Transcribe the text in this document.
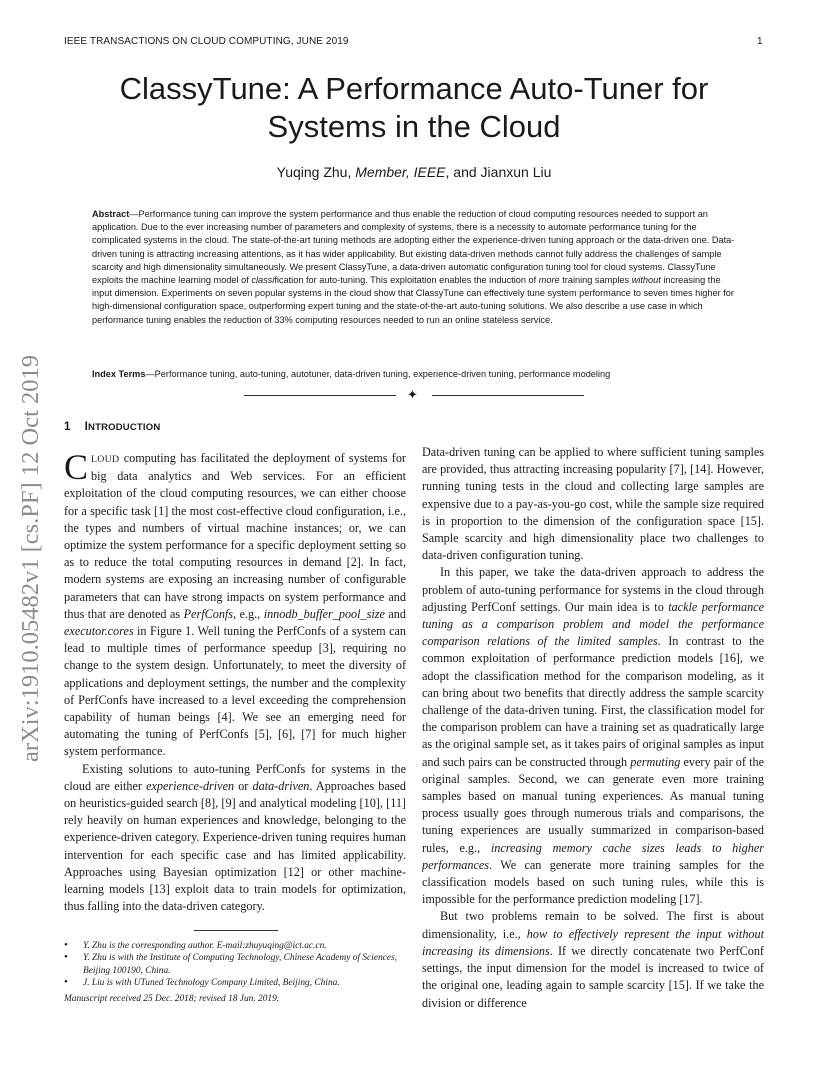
IEEE TRANSACTIONS ON CLOUD COMPUTING, JUNE 2019	1
arXiv:1910.05482v1 [cs.PF] 12 Oct 2019
ClassyTune: A Performance Auto-Tuner for Systems in the Cloud
Yuqing Zhu, Member, IEEE, and Jianxun Liu
Abstract—Performance tuning can improve the system performance and thus enable the reduction of cloud computing resources needed to support an application. Due to the ever increasing number of parameters and complexity of systems, there is a necessity to automate performance tuning for the complicated systems in the cloud. The state-of-the-art tuning methods are adopting either the experience-driven tuning approach or the data-driven one. Data-driven tuning is attracting increasing attentions, as it has wider applicability. But existing data-driven methods cannot fully address the challenges of sample scarcity and high dimensionality simultaneously. We present ClassyTune, a data-driven automatic configuration tuning tool for cloud systems. ClassyTune exploits the machine learning model of classification for auto-tuning. This exploitation enables the induction of more training samples without increasing the input dimension. Experiments on seven popular systems in the cloud show that ClassyTune can effectively tune system performance to seven times higher for high-dimensional configuration space, outperforming expert tuning and the state-of-the-art auto-tuning solutions. We also describe a use case in which performance tuning enables the reduction of 33% computing resources needed to run an online stateless service.
Index Terms—Performance tuning, auto-tuning, autotuner, data-driven tuning, experience-driven tuning, performance modeling
✦
1 INTRODUCTION

CLOUD computing has facilitated the deployment of systems for big data analytics and Web services. For an efficient exploitation of the cloud computing resources, we can either choose for a specific task [1] the most cost-effective cloud configuration, i.e., the types and numbers of virtual machine instances; or, we can optimize the system performance for a specific deployment setting so as to reduce the total computing resources in demand [2]. In fact, modern systems are exposing an increasing number of configurable parameters that can have strong impacts on system performance and thus that are denoted as PerfConfs, e.g., innodb_buffer_pool_size and executor.cores in Figure 1. Well tuning the PerfConfs of a system can lead to multiple times of performance speedup [3], requiring no change to the system design. Unfortunately, to meet the diversity of applications and deployment settings, the number and the complexity of PerfConfs have increased to a level exceeding the comprehension capability of human beings [4]. We see an emerging need for automating the tuning of PerfConfs [5], [6], [7] for much higher system performance.

Existing solutions to auto-tuning PerfConfs for systems in the cloud are either experience-driven or data-driven. Approaches based on heuristics-guided search [8], [9] and analytical modeling [10], [11] rely heavily on human experiences and knowledge, belonging to the experience-driven category. Experience-driven tuning requires human intervention for each specific case and has limited applicability. Approaches using Bayesian optimization [12] or other machine-learning models [13] exploit data to train models for optimization, thus falling into the data-driven category.

• Y. Zhu is the corresponding author. E-mail:zhuyuqing@ict.ac.cn.
• Y. Zhu is with the Institute of Computing Technology, Chinese Academy of Sciences, Beijing 100190, China.
• J. Liu is with UTuned Technology Company Limited, Beijing, China.
Manuscript received 25 Dec. 2018; revised 18 Jun. 2019.

Data-driven tuning can be applied to where sufficient tuning samples are provided, thus attracting increasing popularity [7], [14]. However, running tuning tests in the cloud and collecting large samples are expensive due to a pay-as-you-go cost, while the sample size required is in proportion to the dimension of the configuration space [15]. Sample scarcity and high dimensionality place two challenges to data-driven configuration tuning.

In this paper, we take the data-driven approach to address the problem of auto-tuning performance for systems in the cloud through adjusting PerfConf settings. Our main idea is to tackle performance tuning as a comparison problem and model the performance comparison relations of the limited samples. In contrast to the common exploitation of performance prediction models [16], we adopt the classification method for the comparison modeling, as it can bring about two benefits that directly address the sample scarcity challenge of the data-driven tuning. First, the classification model for the comparison problem can have a training set as quadratically large as the original sample set, as it takes pairs of original samples as input and such pairs can be constructed through permuting every pair of the original samples. Second, we can generate even more training samples based on manual tuning experiences. As manual tuning process usually goes through numerous trials and comparisons, the tuning experiences are usually summarized in comparison-based rules, e.g., increasing memory cache sizes leads to higher performances. We can generate more training samples for the classification models based on such tuning rules, while this is impossible for the performance prediction modeling [17].

But two problems remain to be solved. The first is about dimensionality, i.e., how to effectively represent the input without increasing its dimensions. If we directly concatenate two PerfConf settings, the input dimension for the model is increased to twice of the original one, leading again to sample scarcity [15]. If we take the division or difference
